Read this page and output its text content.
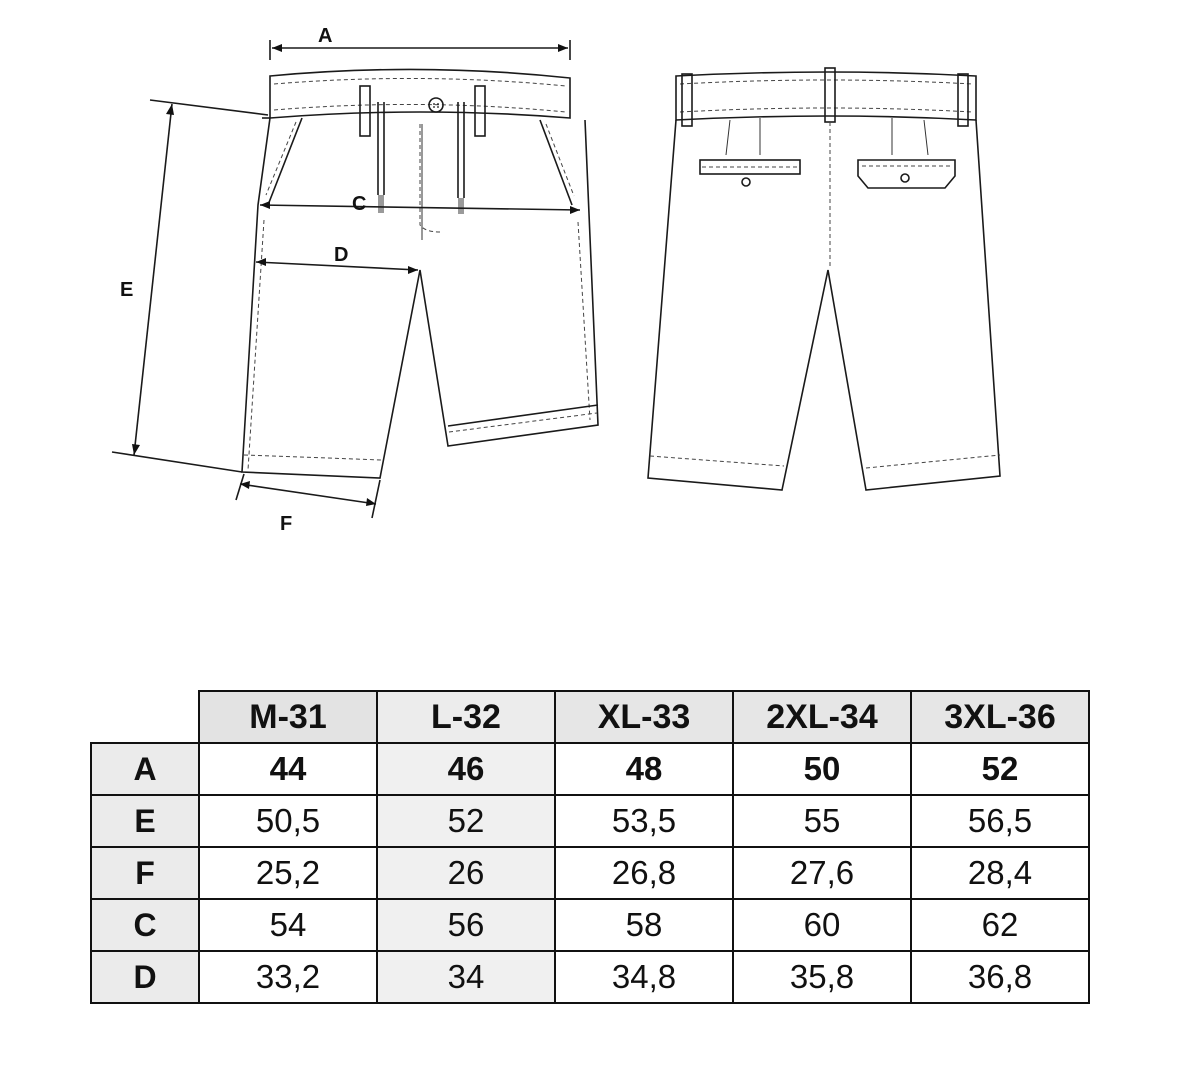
A
C
D
E
F
	M-31	L-32	XL-33	2XL-34	3XL-36
A	44	46	48	50	52
E	50,5	52	53,5	55	56,5
F	25,2	26	26,8	27,6	28,4
C	54	56	58	60	62
D	33,2	34	34,8	35,8	36,8
